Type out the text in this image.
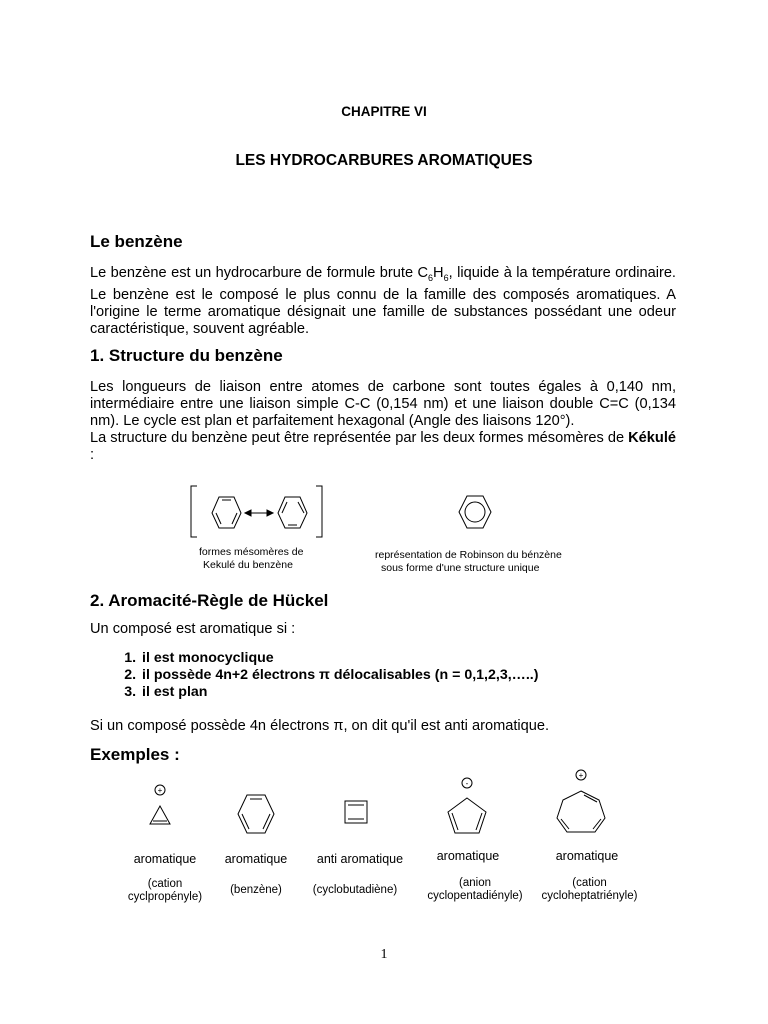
CHAPITRE VI
LES HYDROCARBURES AROMATIQUES
Le benzène

Le benzène est un hydrocarbure de formule brute $C_6H_6$, liquide à la température ordinaire. Le benzène est le composé le plus connu de la famille des composés aromatiques. A l'origine le terme aromatique désignait une famille de substances possédant une odeur caractéristique, souvent agréable.

1. Structure du benzène

Les longueurs de liaison entre atomes de carbone sont toutes égales à 0,140 nm, intermédiaire entre une liaison simple C-C (0,154 nm) et une liaison double C=C (0,134 nm). Le cycle est plan et parfaitement hexagonal (Angle des liaisons 120°).

La structure du benzène peut être représentée par les deux formes mésomères de Kékulé :

formes mésomères de
Kekulé du benzène
représentation de Robinson du bénzène
sous forme d'une structure unique
2. Aromacité-Règle de Hückel
Un composé est aromatique si :
1. il est monocyclique
2. il possède 4n+2 électrons π délocalisables (n = 0,1,2,3,…..)
3. il est plan
Si un composé possède 4n électrons π, on dit qu'il est anti aromatique.
Exemples :
+
-
+
aromatique	aromatique	anti aromatique	aromatique	aromatique
(cation
cyclpropényle)
(benzène)	(cyclobutadiène)
(anion
cyclopentadiényle)
(cation
cycloheptatriényle)
1
